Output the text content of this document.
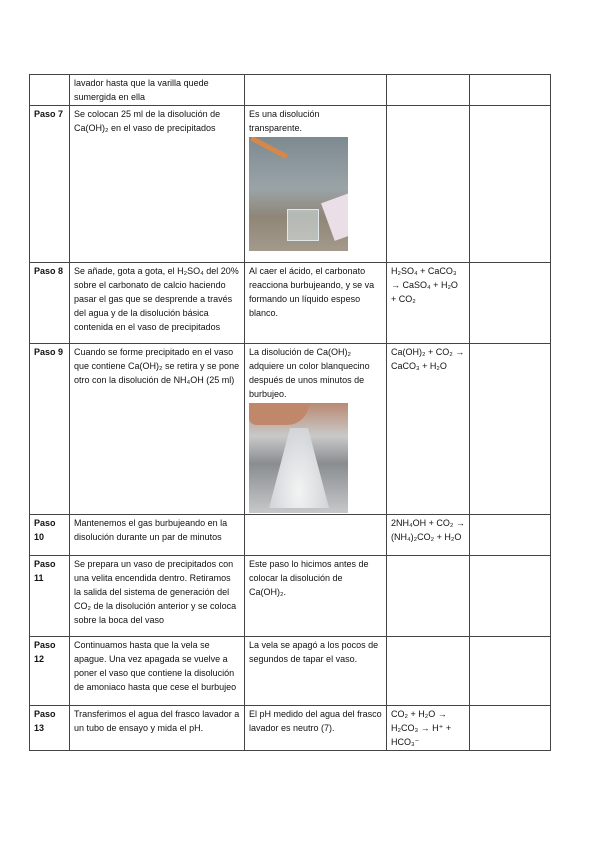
	lavador hasta que la varilla quede sumergida en ella			
Paso 7	Se colocan 25 ml de la disolución de Ca(OH)₂ en el vaso de precipitados	Es una disolución transparente.		

Paso 8	Se añade, gota a gota, el H₂SO₄ del 20% sobre el carbonato de calcio haciendo pasar el gas que se desprende a través del agua y de la disolución básica contenida en el vaso de precipitados	Al caer el ácido, el carbonato reacciona burbujeando, y se va formando un líquido espeso blanco.	H₂SO₄ + CaCO₃ → CaSO₄ + H₂O + CO₂	
Paso 9	Cuando se forme precipitado en el vaso que contiene Ca(OH)₂ se retira y se pone otro con la disolución de NH₄OH (25 ml)	La disolución de Ca(OH)₂ adquiere un color blanquecino después de unos minutos de burbujeo.	Ca(OH)₂ + CO₂ → CaCO₃ + H₂O	
Paso 10	Mantenemos el gas burbujeando en la disolución durante un par de minutos		2NH₄OH + CO₂ → (NH₄)₂CO₂ + H₂O	
Paso 11	Se prepara un vaso de precipitados con una velita encendida dentro. Retiramos la salida del sistema de generación del CO₂ de la disolución anterior y se coloca sobre la boca del vaso	Este paso lo hicimos antes de colocar la disolución de Ca(OH)₂.		
Paso 12	Continuamos hasta que la vela se apague. Una vez apagada se vuelve a poner el vaso que contiene la disolución de amoniaco hasta que cese el burbujeo	La vela se apagó a los pocos de segundos de tapar el vaso.		
Paso 13	Transferimos el agua del frasco lavador a un tubo de ensayo y mida el pH.	El pH medido del agua del frasco lavador es neutro (7).	CO₂ + H₂O → H₂CO₃ → H⁺ + HCO₃⁻	
